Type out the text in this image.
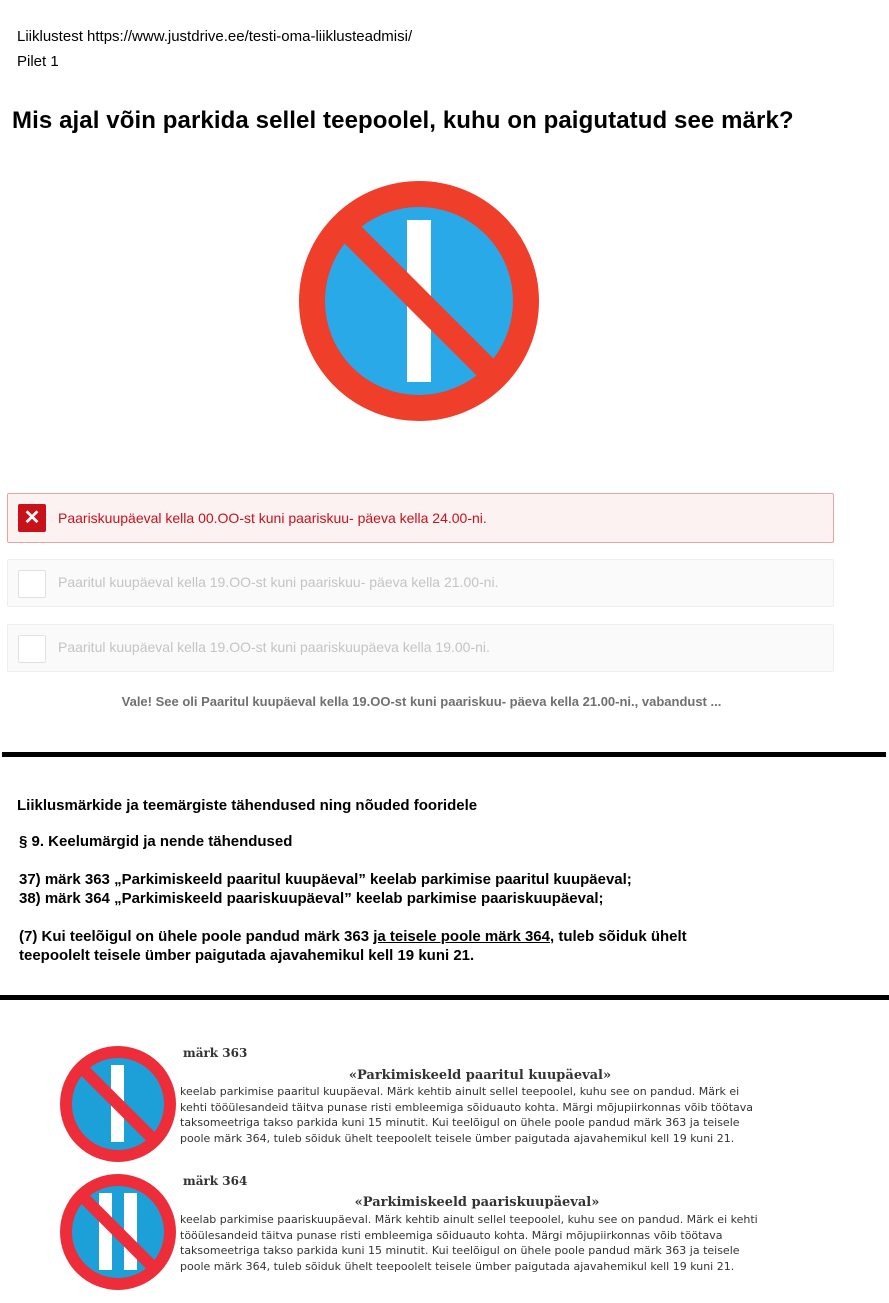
Liiklustest https://www.justdrive.ee/testi-oma-liiklusteadmisi/
Pilet 1
Mis ajal võin parkida sellel teepoolel, kuhu on paigutatud see märk?
✕	Paariskuupäeval kella 00.OO-st kuni paariskuu- päeva kella 24.00-ni.
Paaritul kuupäeval kella 19.OO-st kuni paariskuu- päeva kella 21.00-ni.
Paaritul kuupäeval kella 19.OO-st kuni paariskuupäeva kella 19.00-ni.
Vale! See oli Paaritul kuupäeval kella 19.OO-st kuni paariskuu- päeva kella 21.00-ni., vabandust ...
Liiklusmärkide ja teemärgiste tähendused ning nõuded fooridele
§ 9. Keelumärgid ja nende tähendused
37) märk 363 „Parkimiskeeld paaritul kuupäeval” keelab parkimise paaritul kuupäeval;
38) märk 364 „Parkimiskeeld paariskuupäeval” keelab parkimise paariskuupäeval;
(7) Kui teelõigul on ühele poole pandud märk 363 ja teisele poole märk 364, tuleb sõiduk ühelt
teepoolelt teisele ümber paigutada ajavahemikul kell 19 kuni 21.
märk 363
«Parkimiskeeld paaritul kuupäeval»
keelab parkimise paaritul kuupäeval. Märk kehtib ainult sellel teepoolel, kuhu see on pandud. Märk ei
kehti tööülesandeid täitva punase risti embleemiga sõiduauto kohta. Märgi mõjupiirkonnas võib töötava
taksomeetriga takso parkida kuni 15 minutit. Kui teelõigul on ühele poole pandud märk 363 ja teisele
poole märk 364, tuleb sõiduk ühelt teepoolelt teisele ümber paigutada ajavahemikul kell 19 kuni 21.
märk 364
«Parkimiskeeld paariskuupäeval»
keelab parkimise paariskuupäeval. Märk kehtib ainult sellel teepoolel, kuhu see on pandud. Märk ei kehti
tööülesandeid täitva punase risti embleemiga sõiduauto kohta. Märgi mõjupiirkonnas võib töötava
taksomeetriga takso parkida kuni 15 minutit. Kui teelõigul on ühele poole pandud märk 363 ja teisele
poole märk 364, tuleb sõiduk ühelt teepoolelt teisele ümber paigutada ajavahemikul kell 19 kuni 21.
